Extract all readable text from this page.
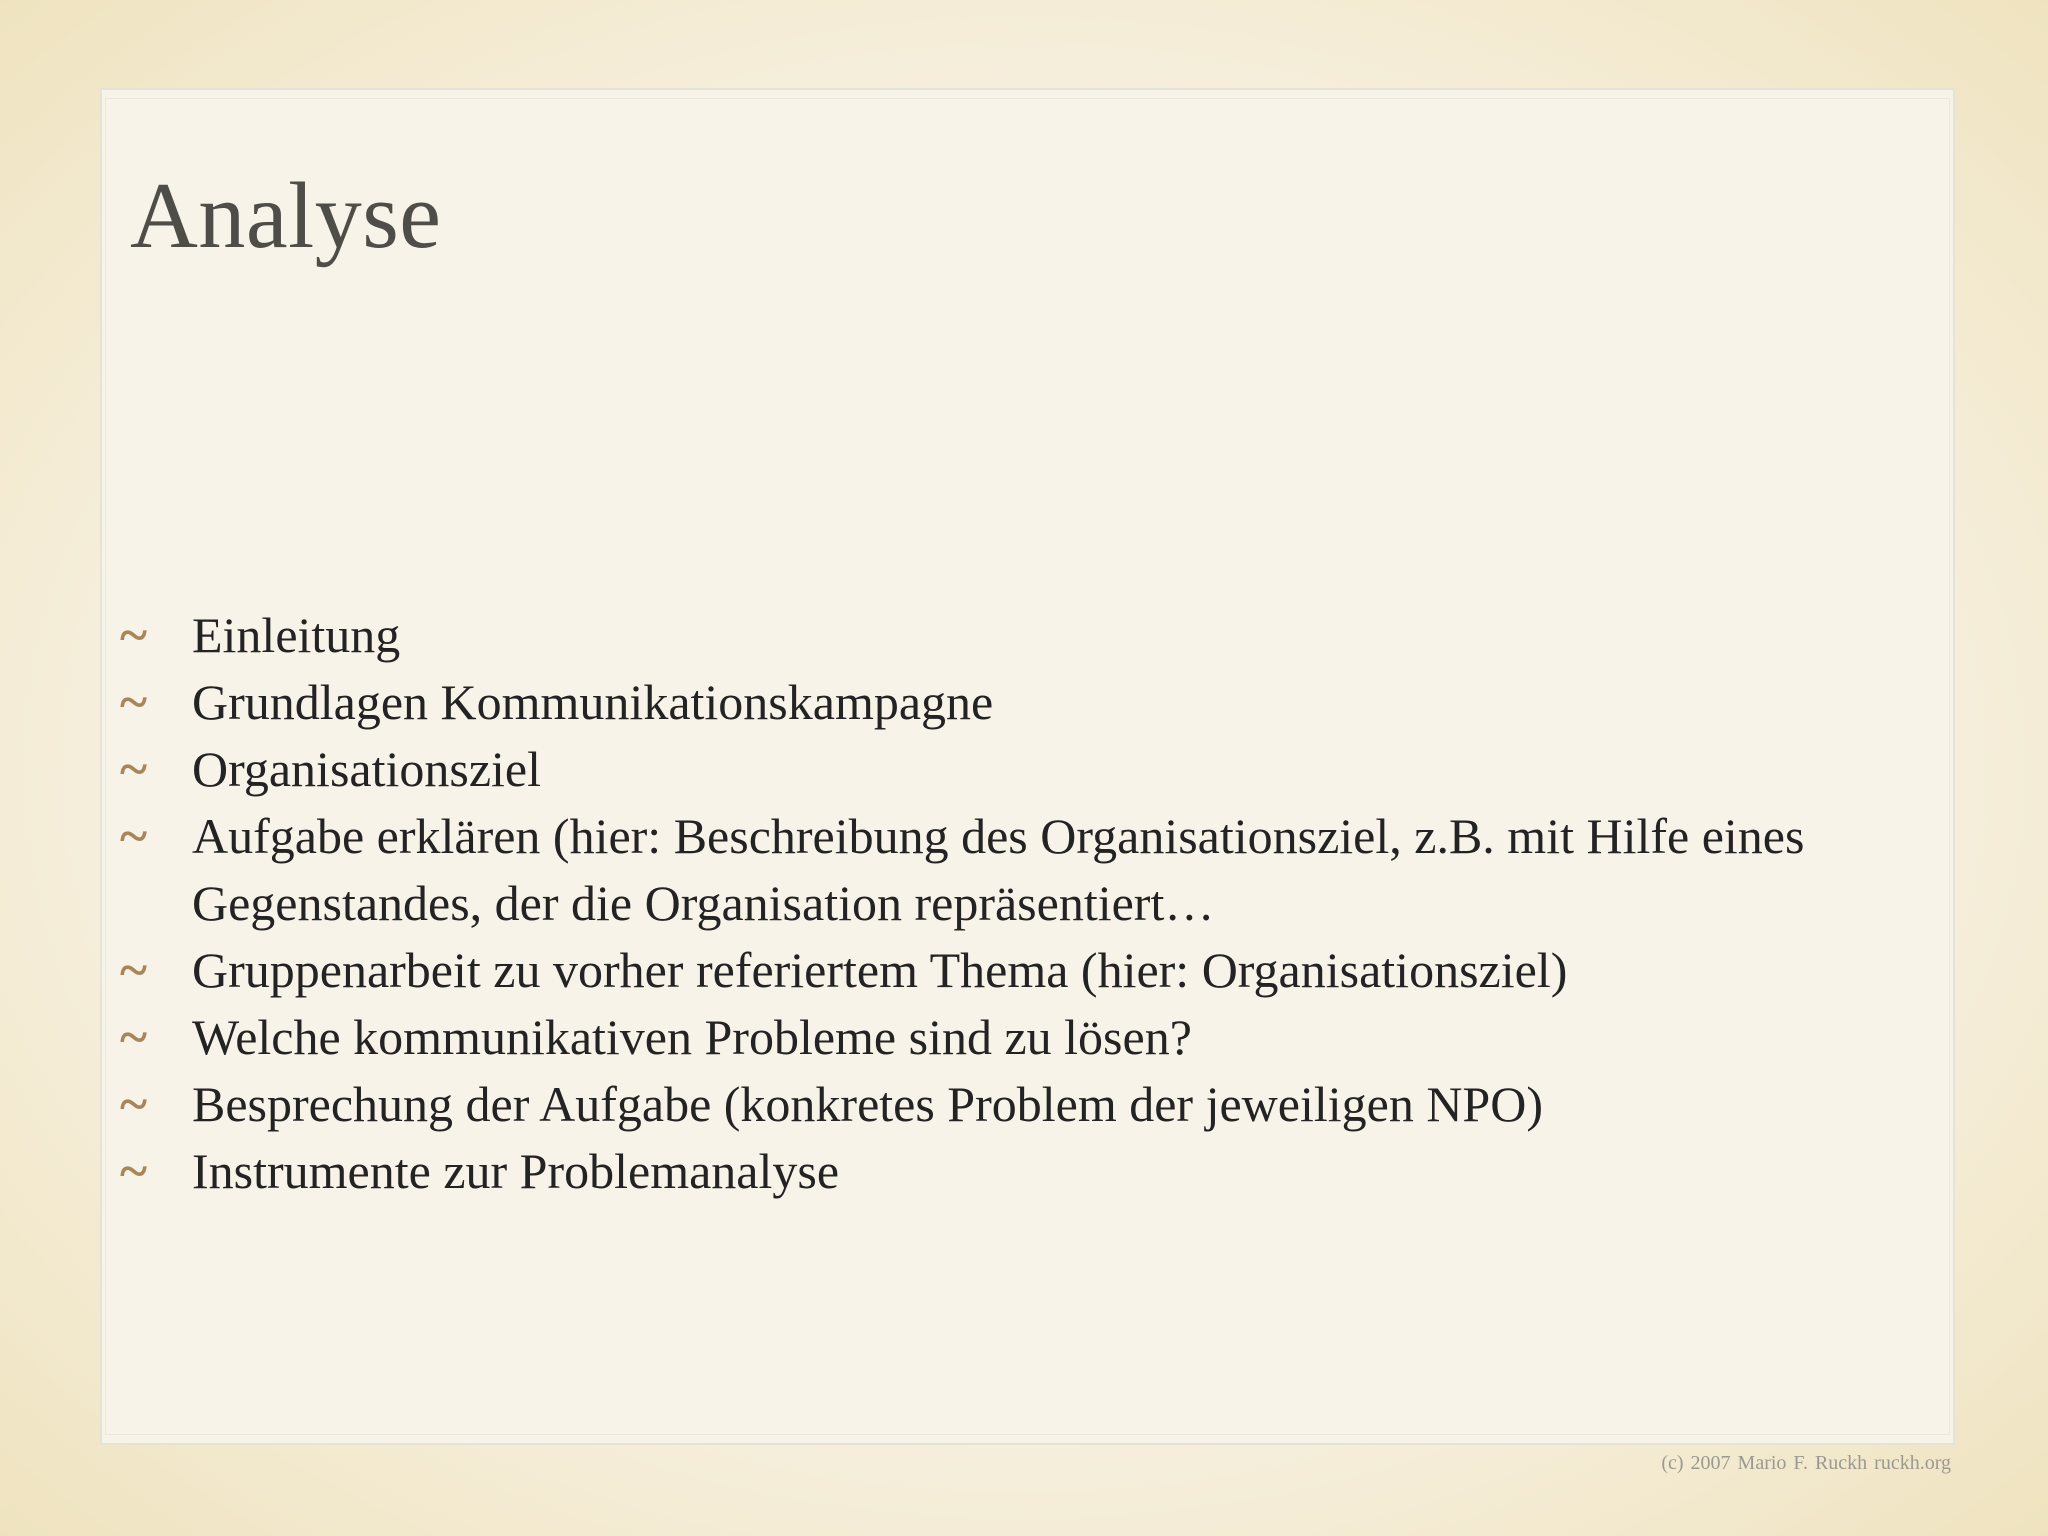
Analyse
~ Einleitung
~ Grundlagen Kommunikationskampagne
~ Organisationsziel
~ Aufgabe erklären (hier: Beschreibung des Organisationsziel, z.B. mit Hilfe eines Gegenstandes, der die Organisation repräsentiert…
~ Gruppenarbeit zu vorher referiertem Thema (hier: Organisationsziel)
~ Welche kommunikativen Probleme sind zu lösen?
~ Besprechung der Aufgabe (konkretes Problem der jeweiligen NPO)
~ Instrumente zur Problemanalyse
(c) 2007 Mario F. Ruckh ruckh.org
